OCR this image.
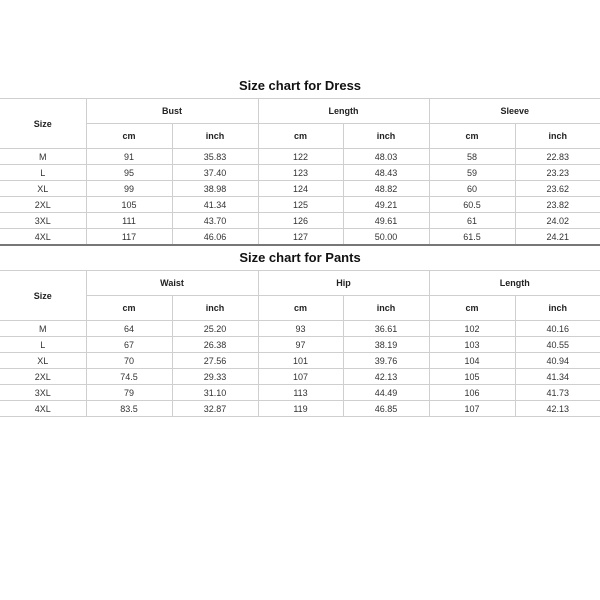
Size chart for Dress
Size	Bust		Length		Sleeve	
	cm	inch	cm	inch	cm	inch
M	91	35.83	122	48.03	58	22.83
L	95	37.40	123	48.43	59	23.23
XL	99	38.98	124	48.82	60	23.62
2XL	105	41.34	125	49.21	60.5	23.82
3XL	111	43.70	126	49.61	61	24.02
4XL	117	46.06	127	50.00	61.5	24.21
Size chart for Pants
Size	Waist		Hip		Length	
	cm	inch	cm	inch	cm	inch
M	64	25.20	93	36.61	102	40.16
L	67	26.38	97	38.19	103	40.55
XL	70	27.56	101	39.76	104	40.94
2XL	74.5	29.33	107	42.13	105	41.34
3XL	79	31.10	113	44.49	106	41.73
4XL	83.5	32.87	119	46.85	107	42.13
